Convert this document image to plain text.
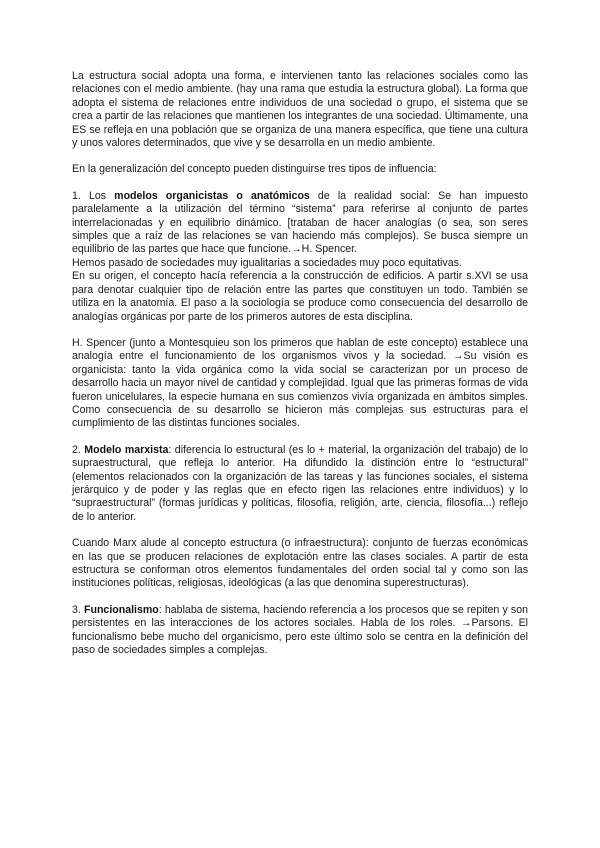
La estructura social adopta una forma, e intervienen tanto las relaciones sociales como las relaciones con el medio ambiente. (hay una rama que estudia la estructura global). La forma que adopta el sistema de relaciones entre individuos de una sociedad o grupo, el sistema que se crea a partir de las relaciones que mantienen los integrantes de una sociedad. Últimamente, una ES se refleja en una población que se organiza de una manera específica, que tiene una cultura y unos valores determinados, que vive y se desarrolla en un medio ambiente.

En la generalización del concepto pueden distinguirse tres tipos de influencia:

1. Los modelos organicistas o anatómicos de la realidad social: Se han impuesto paralelamente a la utilización del término “sistema” para referirse al conjunto de partes interrelacionadas y en equilibrio dinámico. [trataban de hacer analogías (o sea, son seres simples que a raíz de las relaciones se van haciendo más complejos). Se busca siempre un equilibrio de las partes que hace que funcione.→H. Spencer.

Hemos pasado de sociedades muy igualitarias a sociedades muy poco equitativas.

En su origen, el concepto hacía referencia a la construcción de edificios. A partir s.XVI se usa para denotar cualquier tipo de relación entre las partes que constituyen un todo. También se utiliza en la anatomía. El paso a la sociología se produce como consecuencia del desarrollo de analogías orgánicas por parte de los primeros autores de esta disciplina.

H. Spencer (junto a Montesquieu son los primeros que hablan de este concepto) establece una analogía entre el funcionamiento de los organismos vivos y la sociedad. →Su visión es organicista: tanto la vida orgánica como la vida social se caracterizan por un proceso de desarrollo hacia un mayor nivel de cantidad y complejidad. Igual que las primeras formas de vida fueron unicelulares, la especie humana en sus comienzos vivía organizada en ámbitos simples. Como consecuencia de su desarrollo se hicieron más complejas sus estructuras para el cumplimiento de las distintas funciones sociales.

2. Modelo marxista: diferencia lo estructural (es lo + material, la organización del trabajo) de lo supraestructural, que refleja lo anterior. Ha difundido la distinción entre lo “estructural” (elementos relacionados con la organización de las tareas y las funciones sociales, el sistema jerárquico y de poder y las reglas que en efecto rigen las relaciones entre individuos) y lo “supraestructural” (formas jurídicas y políticas, filosofía, religión, arte, ciencia, filosofía...) reflejo de lo anterior.

Cuando Marx alude al concepto estructura (o infraestructura): conjunto de fuerzas económicas en las que se producen relaciones de explotación entre las clases sociales. A partir de esta estructura se conforman otros elementos fundamentales del orden social tal y como son las instituciones políticas, religiosas, ideológicas (a las que denomina superestructuras).

3. Funcionalismo: hablaba de sistema, haciendo referencia a los procesos que se repiten y son persistentes en las interacciones de los actores sociales. Habla de los roles. →Parsons. El funcionalismo bebe mucho del organicismo, pero este último solo se centra en la definición del paso de sociedades simples a complejas.
